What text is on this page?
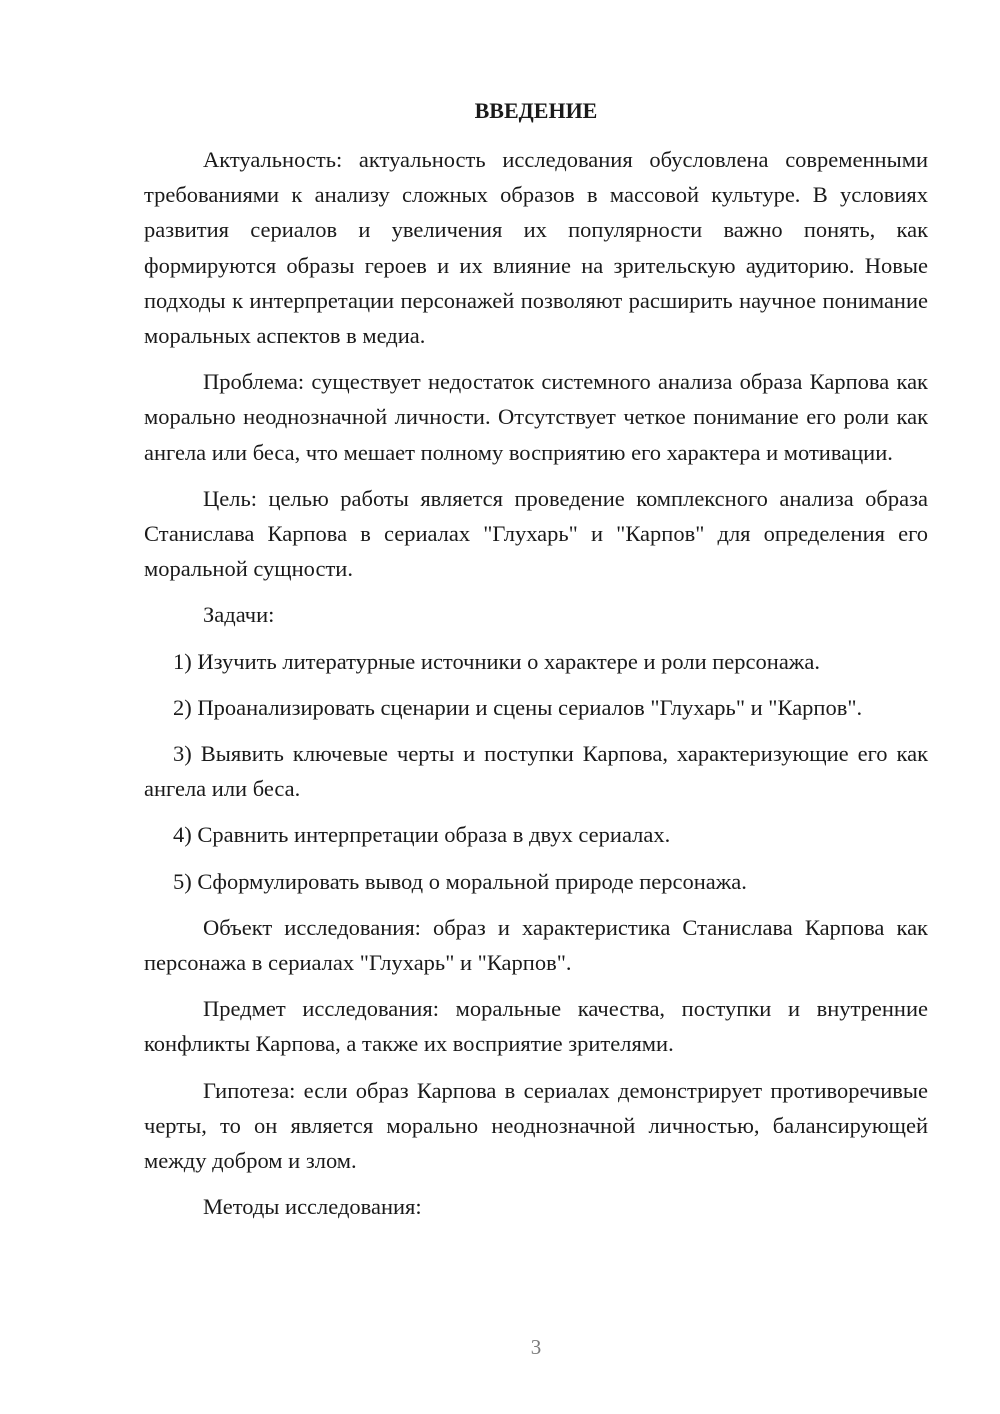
ВВЕДЕНИЕ

Актуальность: актуальность исследования обусловлена современными требованиями к анализу сложных образов в массовой культуре. В условиях развития сериалов и увеличения их популярности важно понять, как формируются образы героев и их влияние на зрительскую аудиторию. Новые подходы к интерпретации персонажей позволяют расширить научное понимание моральных аспектов в медиа.

Проблема: существует недостаток системного анализа образа Карпова как морально неоднозначной личности. Отсутствует четкое понимание его роли как ангела или беса, что мешает полному восприятию его характера и мотивации.

Цель: целью работы является проведение комплексного анализа образа Станислава Карпова в сериалах "Глухарь" и "Карпов" для определения его моральной сущности.

Задачи:

1) Изучить литературные источники о характере и роли персонажа.

2) Проанализировать сценарии и сцены сериалов "Глухарь" и "Карпов".

3) Выявить ключевые черты и поступки Карпова, характеризующие его как ангела или беса.

4) Сравнить интерпретации образа в двух сериалах.

5) Сформулировать вывод о моральной природе персонажа.

Объект исследования: образ и характеристика Станислава Карпова как персонажа в сериалах "Глухарь" и "Карпов".

Предмет исследования: моральные качества, поступки и внутренние конфликты Карпова, а также их восприятие зрителями.

Гипотеза: если образ Карпова в сериалах демонстрирует противоречивые черты, то он является морально неоднозначной личностью, балансирующей между добром и злом.

Методы исследования:

3
